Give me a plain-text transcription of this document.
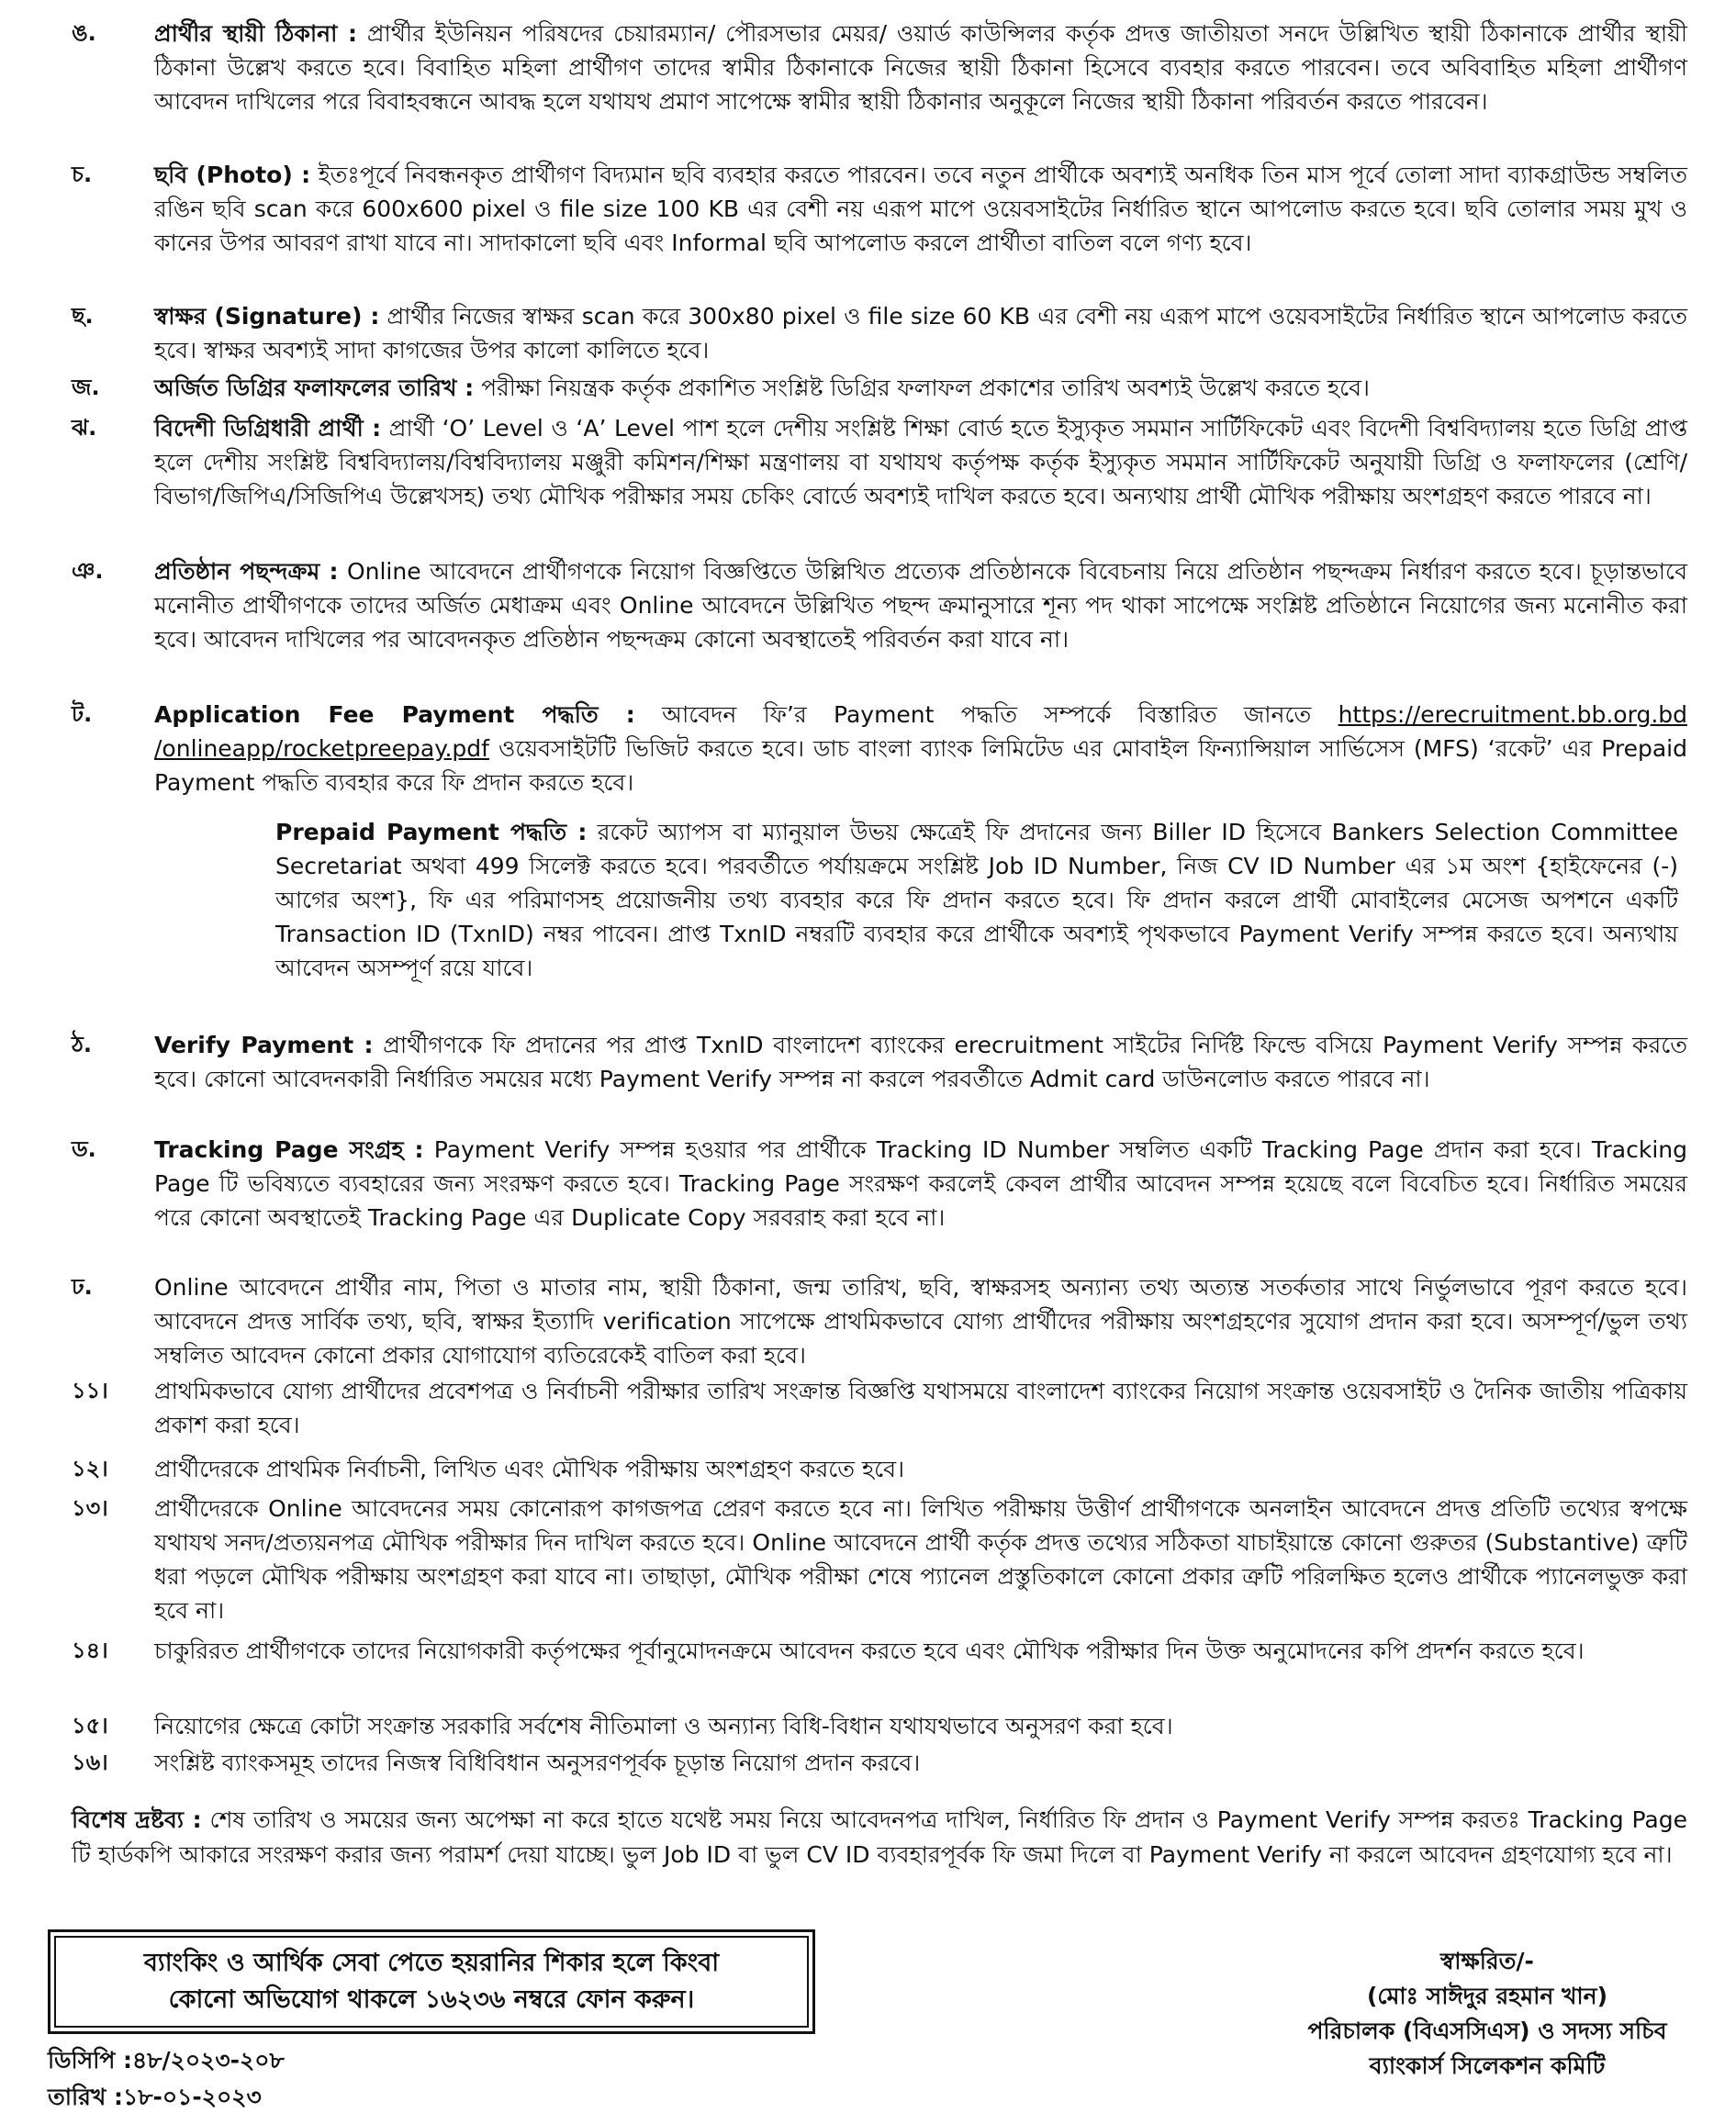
ঙ.	প্রার্থীর স্থায়ী ঠিকানা : প্রার্থীর ইউনিয়ন পরিষদের চেয়ারম্যান/ পৌরসভার মেয়র/ ওয়ার্ড কাউন্সিলর কর্তৃক প্রদত্ত জাতীয়তা সনদে উল্লিখিত স্থায়ী ঠিকানাকে প্রার্থীর স্থায়ী ঠিকানা উল্লেখ করতে হবে। বিবাহিত মহিলা প্রার্থীগণ তাদের স্বামীর ঠিকানাকে নিজের স্থায়ী ঠিকানা হিসেবে ব্যবহার করতে পারবেন। তবে অবিবাহিত মহিলা প্রার্থীগণ আবেদন দাখিলের পরে বিবাহবন্ধনে আবদ্ধ হলে যথাযথ প্রমাণ সাপেক্ষে স্বামীর স্থায়ী ঠিকানার অনুকূলে নিজের স্থায়ী ঠিকানা পরিবর্তন করতে পারবেন।
চ.	ছবি (Photo) : ইতঃপূর্বে নিবন্ধনকৃত প্রার্থীগণ বিদ্যমান ছবি ব্যবহার করতে পারবেন। তবে নতুন প্রার্থীকে অবশ্যই অনধিক তিন মাস পূর্বে তোলা সাদা ব্যাকগ্রাউন্ড সম্বলিত রঙিন ছবি scan করে 600x600 pixel ও file size 100 KB এর বেশী নয় এরূপ মাপে ওয়েবসাইটের নির্ধারিত স্থানে আপলোড করতে হবে। ছবি তোলার সময় মুখ ও কানের উপর আবরণ রাখা যাবে না। সাদাকালো ছবি এবং Informal ছবি আপলোড করলে প্রার্থীতা বাতিল বলে গণ্য হবে।
ছ.	স্বাক্ষর (Signature) : প্রার্থীর নিজের স্বাক্ষর scan করে 300x80 pixel ও file size 60 KB এর বেশী নয় এরূপ মাপে ওয়েবসাইটের নির্ধারিত স্থানে আপলোড করতে হবে। স্বাক্ষর অবশ্যই সাদা কাগজের উপর কালো কালিতে হবে।
জ.	অর্জিত ডিগ্রির ফলাফলের তারিখ : পরীক্ষা নিয়ন্ত্রক কর্তৃক প্রকাশিত সংশ্লিষ্ট ডিগ্রির ফলাফল প্রকাশের তারিখ অবশ্যই উল্লেখ করতে হবে।
ঝ.	বিদেশী ডিগ্রিধারী প্রার্থী : প্রার্থী ‘O’ Level ও ‘A’ Level পাশ হলে দেশীয় সংশ্লিষ্ট শিক্ষা বোর্ড হতে ইস্যুকৃত সমমান সার্টিফিকেট এবং বিদেশী বিশ্ববিদ্যালয় হতে ডিগ্রি প্রাপ্ত হলে দেশীয় সংশ্লিষ্ট বিশ্ববিদ্যালয়/বিশ্ববিদ্যালয় মঞ্জুরী কমিশন/শিক্ষা মন্ত্রণালয় বা যথাযথ কর্তৃপক্ষ কর্তৃক ইস্যুকৃত সমমান সার্টিফিকেট অনুযায়ী ডিগ্রি ও ফলাফলের (শ্রেণি/ বিভাগ/জিপিএ/সিজিপিএ উল্লেখসহ) তথ্য মৌখিক পরীক্ষার সময় চেকিং বোর্ডে অবশ্যই দাখিল করতে হবে। অন্যথায় প্রার্থী মৌখিক পরীক্ষায় অংশগ্রহণ করতে পারবে না।
ঞ.	প্রতিষ্ঠান পছন্দক্রম : Online আবেদনে প্রার্থীগণকে নিয়োগ বিজ্ঞপ্তিতে উল্লিখিত প্রত্যেক প্রতিষ্ঠানকে বিবেচনায় নিয়ে প্রতিষ্ঠান পছন্দক্রম নির্ধারণ করতে হবে। চূড়ান্তভাবে মনোনীত প্রার্থীগণকে তাদের অর্জিত মেধাক্রম এবং Online আবেদনে উল্লিখিত পছন্দ ক্রমানুসারে শূন্য পদ থাকা সাপেক্ষে সংশ্লিষ্ট প্রতিষ্ঠানে নিয়োগের জন্য মনোনীত করা হবে। আবেদন দাখিলের পর আবেদনকৃত প্রতিষ্ঠান পছন্দক্রম কোনো অবস্থাতেই পরিবর্তন করা যাবে না।
ট.	Application Fee Payment পদ্ধতি : আবেদন ফি’র Payment পদ্ধতি সম্পর্কে বিস্তারিত জানতে https://erecruitment.bb.org.bd /onlineapp/rocketpreepay.pdf ওয়েবসাইটটি ভিজিট করতে হবে। ডাচ বাংলা ব্যাংক লিমিটেড এর মোবাইল ফিন্যান্সিয়াল সার্ভিসেস (MFS) ‘রকেট’ এর Prepaid Payment পদ্ধতি ব্যবহার করে ফি প্রদান করতে হবে।
Prepaid Payment পদ্ধতি : রকেট অ্যাপস বা ম্যানুয়াল উভয় ক্ষেত্রেই ফি প্রদানের জন্য Biller ID হিসেবে Bankers Selection Committee Secretariat অথবা 499 সিলেক্ট করতে হবে। পরবর্তীতে পর্যায়ক্রমে সংশ্লিষ্ট Job ID Number, নিজ CV ID Number এর ১ম অংশ {হাইফেনের (-) আগের অংশ}, ফি এর পরিমাণসহ প্রয়োজনীয় তথ্য ব্যবহার করে ফি প্রদান করতে হবে। ফি প্রদান করলে প্রার্থী মোবাইলের মেসেজ অপশনে একটি Transaction ID (TxnID) নম্বর পাবেন। প্রাপ্ত TxnID নম্বরটি ব্যবহার করে প্রার্থীকে অবশ্যই পৃথকভাবে Payment Verify সম্পন্ন করতে হবে। অন্যথায় আবেদন অসম্পূর্ণ রয়ে যাবে।
ঠ.	Verify Payment : প্রার্থীগণকে ফি প্রদানের পর প্রাপ্ত TxnID বাংলাদেশ ব্যাংকের erecruitment সাইটের নির্দিষ্ট ফিল্ডে বসিয়ে Payment Verify সম্পন্ন করতে হবে। কোনো আবেদনকারী নির্ধারিত সময়ের মধ্যে Payment Verify সম্পন্ন না করলে পরবর্তীতে Admit card ডাউনলোড করতে পারবে না।
ড.	Tracking Page সংগ্রহ : Payment Verify সম্পন্ন হওয়ার পর প্রার্থীকে Tracking ID Number সম্বলিত একটি Tracking Page প্রদান করা হবে। Tracking Page টি ভবিষ্যতে ব্যবহারের জন্য সংরক্ষণ করতে হবে। Tracking Page সংরক্ষণ করলেই কেবল প্রার্থীর আবেদন সম্পন্ন হয়েছে বলে বিবেচিত হবে। নির্ধারিত সময়ের পরে কোনো অবস্থাতেই Tracking Page এর Duplicate Copy সরবরাহ করা হবে না।
ঢ.	Online আবেদনে প্রার্থীর নাম, পিতা ও মাতার নাম, স্থায়ী ঠিকানা, জন্ম তারিখ, ছবি, স্বাক্ষরসহ অন্যান্য তথ্য অত্যন্ত সতর্কতার সাথে নির্ভুলভাবে পূরণ করতে হবে। আবেদনে প্রদত্ত সার্বিক তথ্য, ছবি, স্বাক্ষর ইত্যাদি verification সাপেক্ষে প্রাথমিকভাবে যোগ্য প্রার্থীদের পরীক্ষায় অংশগ্রহণের সুযোগ প্রদান করা হবে। অসম্পূর্ণ/ভুল তথ্য সম্বলিত আবেদন কোনো প্রকার যোগাযোগ ব্যতিরেকেই বাতিল করা হবে।
১১।	প্রাথমিকভাবে যোগ্য প্রার্থীদের প্রবেশপত্র ও নির্বাচনী পরীক্ষার তারিখ সংক্রান্ত বিজ্ঞপ্তি যথাসময়ে বাংলাদেশ ব্যাংকের নিয়োগ সংক্রান্ত ওয়েবসাইট ও দৈনিক জাতীয় পত্রিকায় প্রকাশ করা হবে।
১২।	প্রার্থীদেরকে প্রাথমিক নির্বাচনী, লিখিত এবং মৌখিক পরীক্ষায় অংশগ্রহণ করতে হবে।
১৩।	প্রার্থীদেরকে Online আবেদনের সময় কোনোরূপ কাগজপত্র প্রেরণ করতে হবে না। লিখিত পরীক্ষায় উত্তীর্ণ প্রার্থীগণকে অনলাইন আবেদনে প্রদত্ত প্রতিটি তথ্যের স্বপক্ষে যথাযথ সনদ/প্রত্যয়নপত্র মৌখিক পরীক্ষার দিন দাখিল করতে হবে। Online আবেদনে প্রার্থী কর্তৃক প্রদত্ত তথ্যের সঠিকতা যাচাইয়ান্তে কোনো গুরুতর (Substantive) ত্রুটি ধরা পড়লে মৌখিক পরীক্ষায় অংশগ্রহণ করা যাবে না। তাছাড়া, মৌখিক পরীক্ষা শেষে প্যানেল প্রস্তুতিকালে কোনো প্রকার ত্রুটি পরিলক্ষিত হলেও প্রার্থীকে প্যানেলভুক্ত করা হবে না।
১৪।	চাকুরিরত প্রার্থীগণকে তাদের নিয়োগকারী কর্তৃপক্ষের পূর্বানুমোদনক্রমে আবেদন করতে হবে এবং মৌখিক পরীক্ষার দিন উক্ত অনুমোদনের কপি প্রদর্শন করতে হবে।
১৫।	নিয়োগের ক্ষেত্রে কোটা সংক্রান্ত সরকারি সর্বশেষ নীতিমালা ও অন্যান্য বিধি-বিধান যথাযথভাবে অনুসরণ করা হবে।
১৬।	সংশ্লিষ্ট ব্যাংকসমূহ তাদের নিজস্ব বিধিবিধান অনুসরণপূর্বক চূড়ান্ত নিয়োগ প্রদান করবে।
বিশেষ দ্রষ্টব্য : শেষ তারিখ ও সময়ের জন্য অপেক্ষা না করে হাতে যথেষ্ট সময় নিয়ে আবেদনপত্র দাখিল, নির্ধারিত ফি প্রদান ও Payment Verify সম্পন্ন করতঃ Tracking Page টি হার্ডকপি আকারে সংরক্ষণ করার জন্য পরামর্শ দেয়া যাচ্ছে। ভুল Job ID বা ভুল CV ID ব্যবহারপূর্বক ফি জমা দিলে বা Payment Verify না করলে আবেদন গ্রহণযোগ্য হবে না।
ব্যাংকিং ও আর্থিক সেবা পেতে হয়রানির শিকার হলে কিংবা
কোনো অভিযোগ থাকলে ১৬২৩৬ নম্বরে ফোন করুন।
ডিসিপি :৪৮/২০২৩-২০৮
তারিখ :১৮-০১-২০২৩
স্বাক্ষরিত/-
(মোঃ সাঈদুর রহমান খান)
পরিচালক (বিএসসিএস) ও সদস্য সচিব
ব্যাংকার্স সিলেকশন কমিটি
